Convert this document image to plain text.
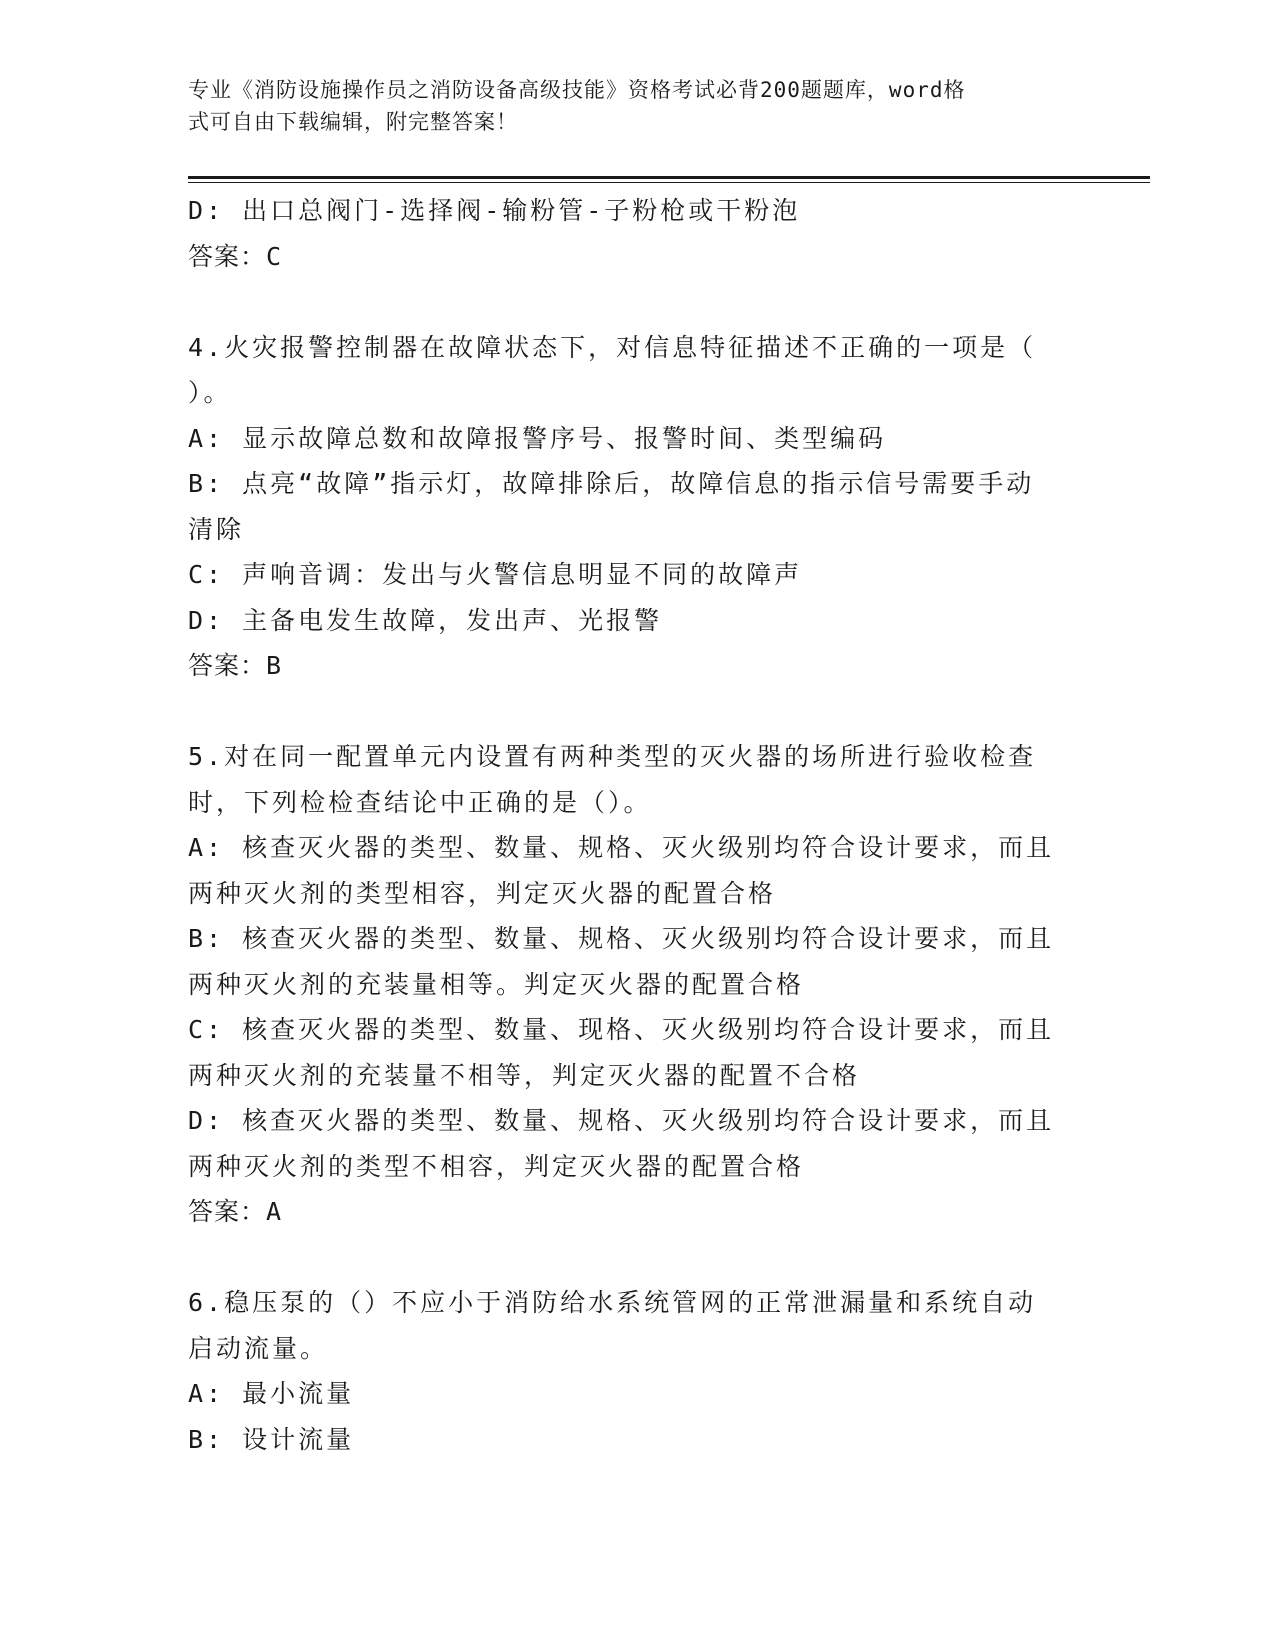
专业《消防设施操作员之消防设备高级技能》资格考试必背200题题库，word格
式可自由下载编辑，附完整答案！
D: 出口总阀门-选择阀-输粉管-子粉枪或干粉泡
答案：C
4.火灾报警控制器在故障状态下，对信息特征描述不正确的一项是（
）。
A: 显示故障总数和故障报警序号、报警时间、类型编码
B: 点亮“故障”指示灯，故障排除后，故障信息的指示信号需要手动
清除
C: 声响音调：发出与火警信息明显不同的故障声
D: 主备电发生故障，发出声、光报警
答案：B
5.对在同一配置单元内设置有两种类型的灭火器的场所进行验收检查
时，下列检检查结论中正确的是（）。
A: 核查灭火器的类型、数量、规格、灭火级别均符合设计要求，而且
两种灭火剂的类型相容，判定灭火器的配置合格
B: 核查灭火器的类型、数量、规格、灭火级别均符合设计要求，而且
两种灭火剂的充装量相等。判定灭火器的配置合格
C: 核查灭火器的类型、数量、现格、灭火级别均符合设计要求，而且
两种灭火剂的充装量不相等，判定灭火器的配置不合格
D: 核查灭火器的类型、数量、规格、灭火级别均符合设计要求，而且
两种灭火剂的类型不相容，判定灭火器的配置合格
答案：A
6.稳压泵的（）不应小于消防给水系统管网的正常泄漏量和系统自动
启动流量。
A: 最小流量
B: 设计流量
